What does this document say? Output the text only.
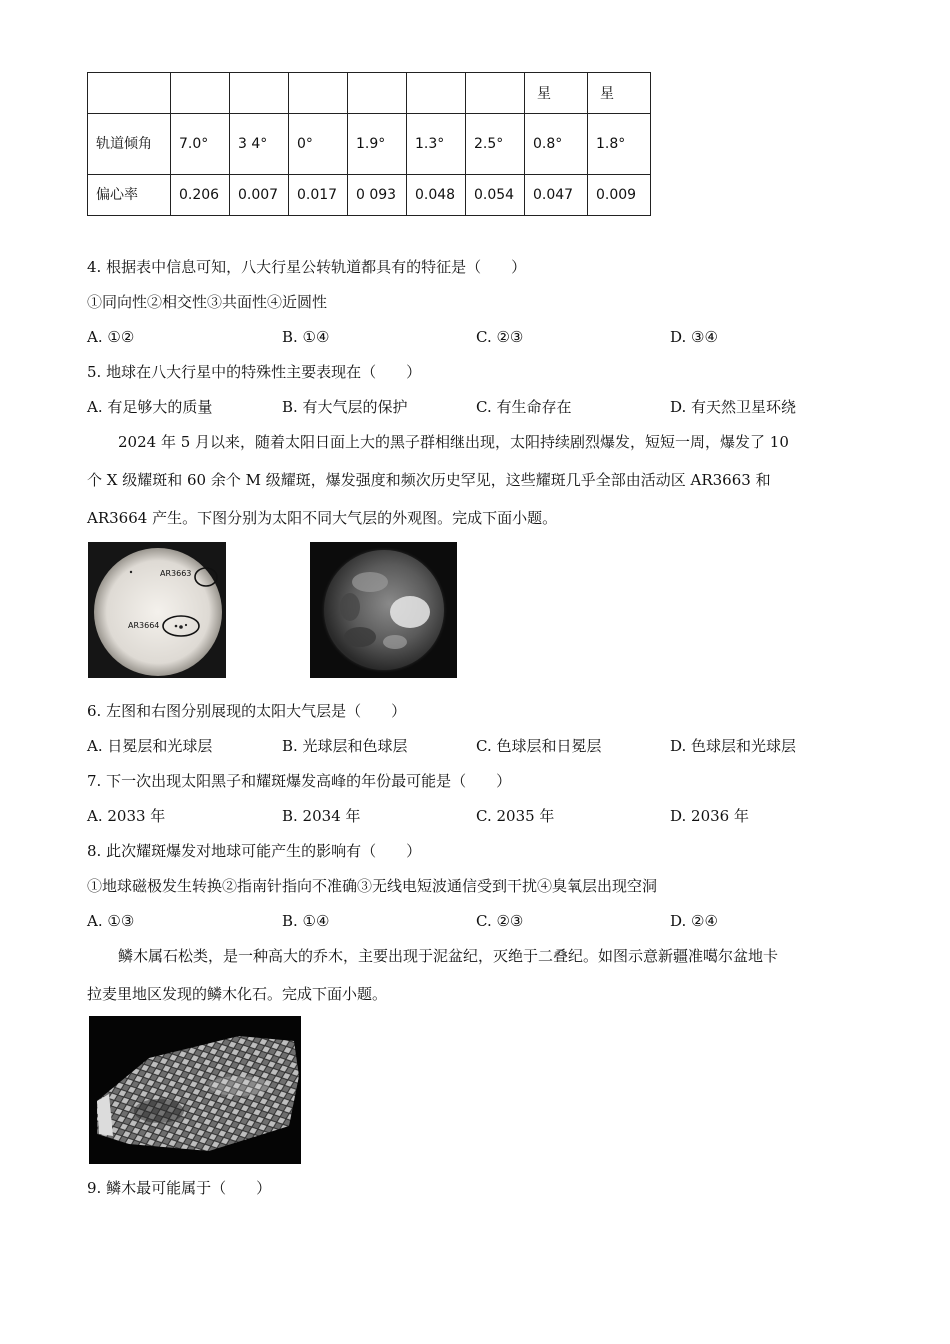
							星	星
轨道倾角	7.0°	3 4°	0°	1.9°	1.3°	2.5°	0.8°	1.8°
偏心率	0.206	0.007	0.017	0 093	0.048	0.054	0.047	0.009
4. 根据表中信息可知，八大行星公转轨道都具有的特征是（　　）
①同向性②相交性③共面性④近圆性
A. ①②	B. ①④	C. ②③	D. ③④
5. 地球在八大行星中的特殊性主要表现在（　　）
A. 有足够大的质量	B. 有大气层的保护	C. 有生命存在	D. 有天然卫星环绕
2024 年 5 月以来，随着太阳日面上大的黑子群相继出现，太阳持续剧烈爆发，短短一周，爆发了 10
个 X 级耀斑和 60 余个 M 级耀斑，爆发强度和频次历史罕见，这些耀斑几乎全部由活动区 AR3663 和
AR3664 产生。下图分别为太阳不同大气层的外观图。完成下面小题。
AR3663
AR3664
6. 左图和右图分别展现的太阳大气层是（　　）
A. 日冕层和光球层	B. 光球层和色球层	C. 色球层和日冕层	D. 色球层和光球层
7. 下一次出现太阳黑子和耀斑爆发高峰的年份最可能是（　　）
A. 2033 年	B. 2034 年	C. 2035 年	D. 2036 年
8. 此次耀斑爆发对地球可能产生的影响有（　　）
①地球磁极发生转换②指南针指向不准确③无线电短波通信受到干扰④臭氧层出现空洞
A. ①③	B. ①④	C. ②③	D. ②④
鳞木属石松类，是一种高大的乔木，主要出现于泥盆纪，灭绝于二叠纪。如图示意新疆准噶尔盆地卡
拉麦里地区发现的鳞木化石。完成下面小题。
9. 鳞木最可能属于（　　）
